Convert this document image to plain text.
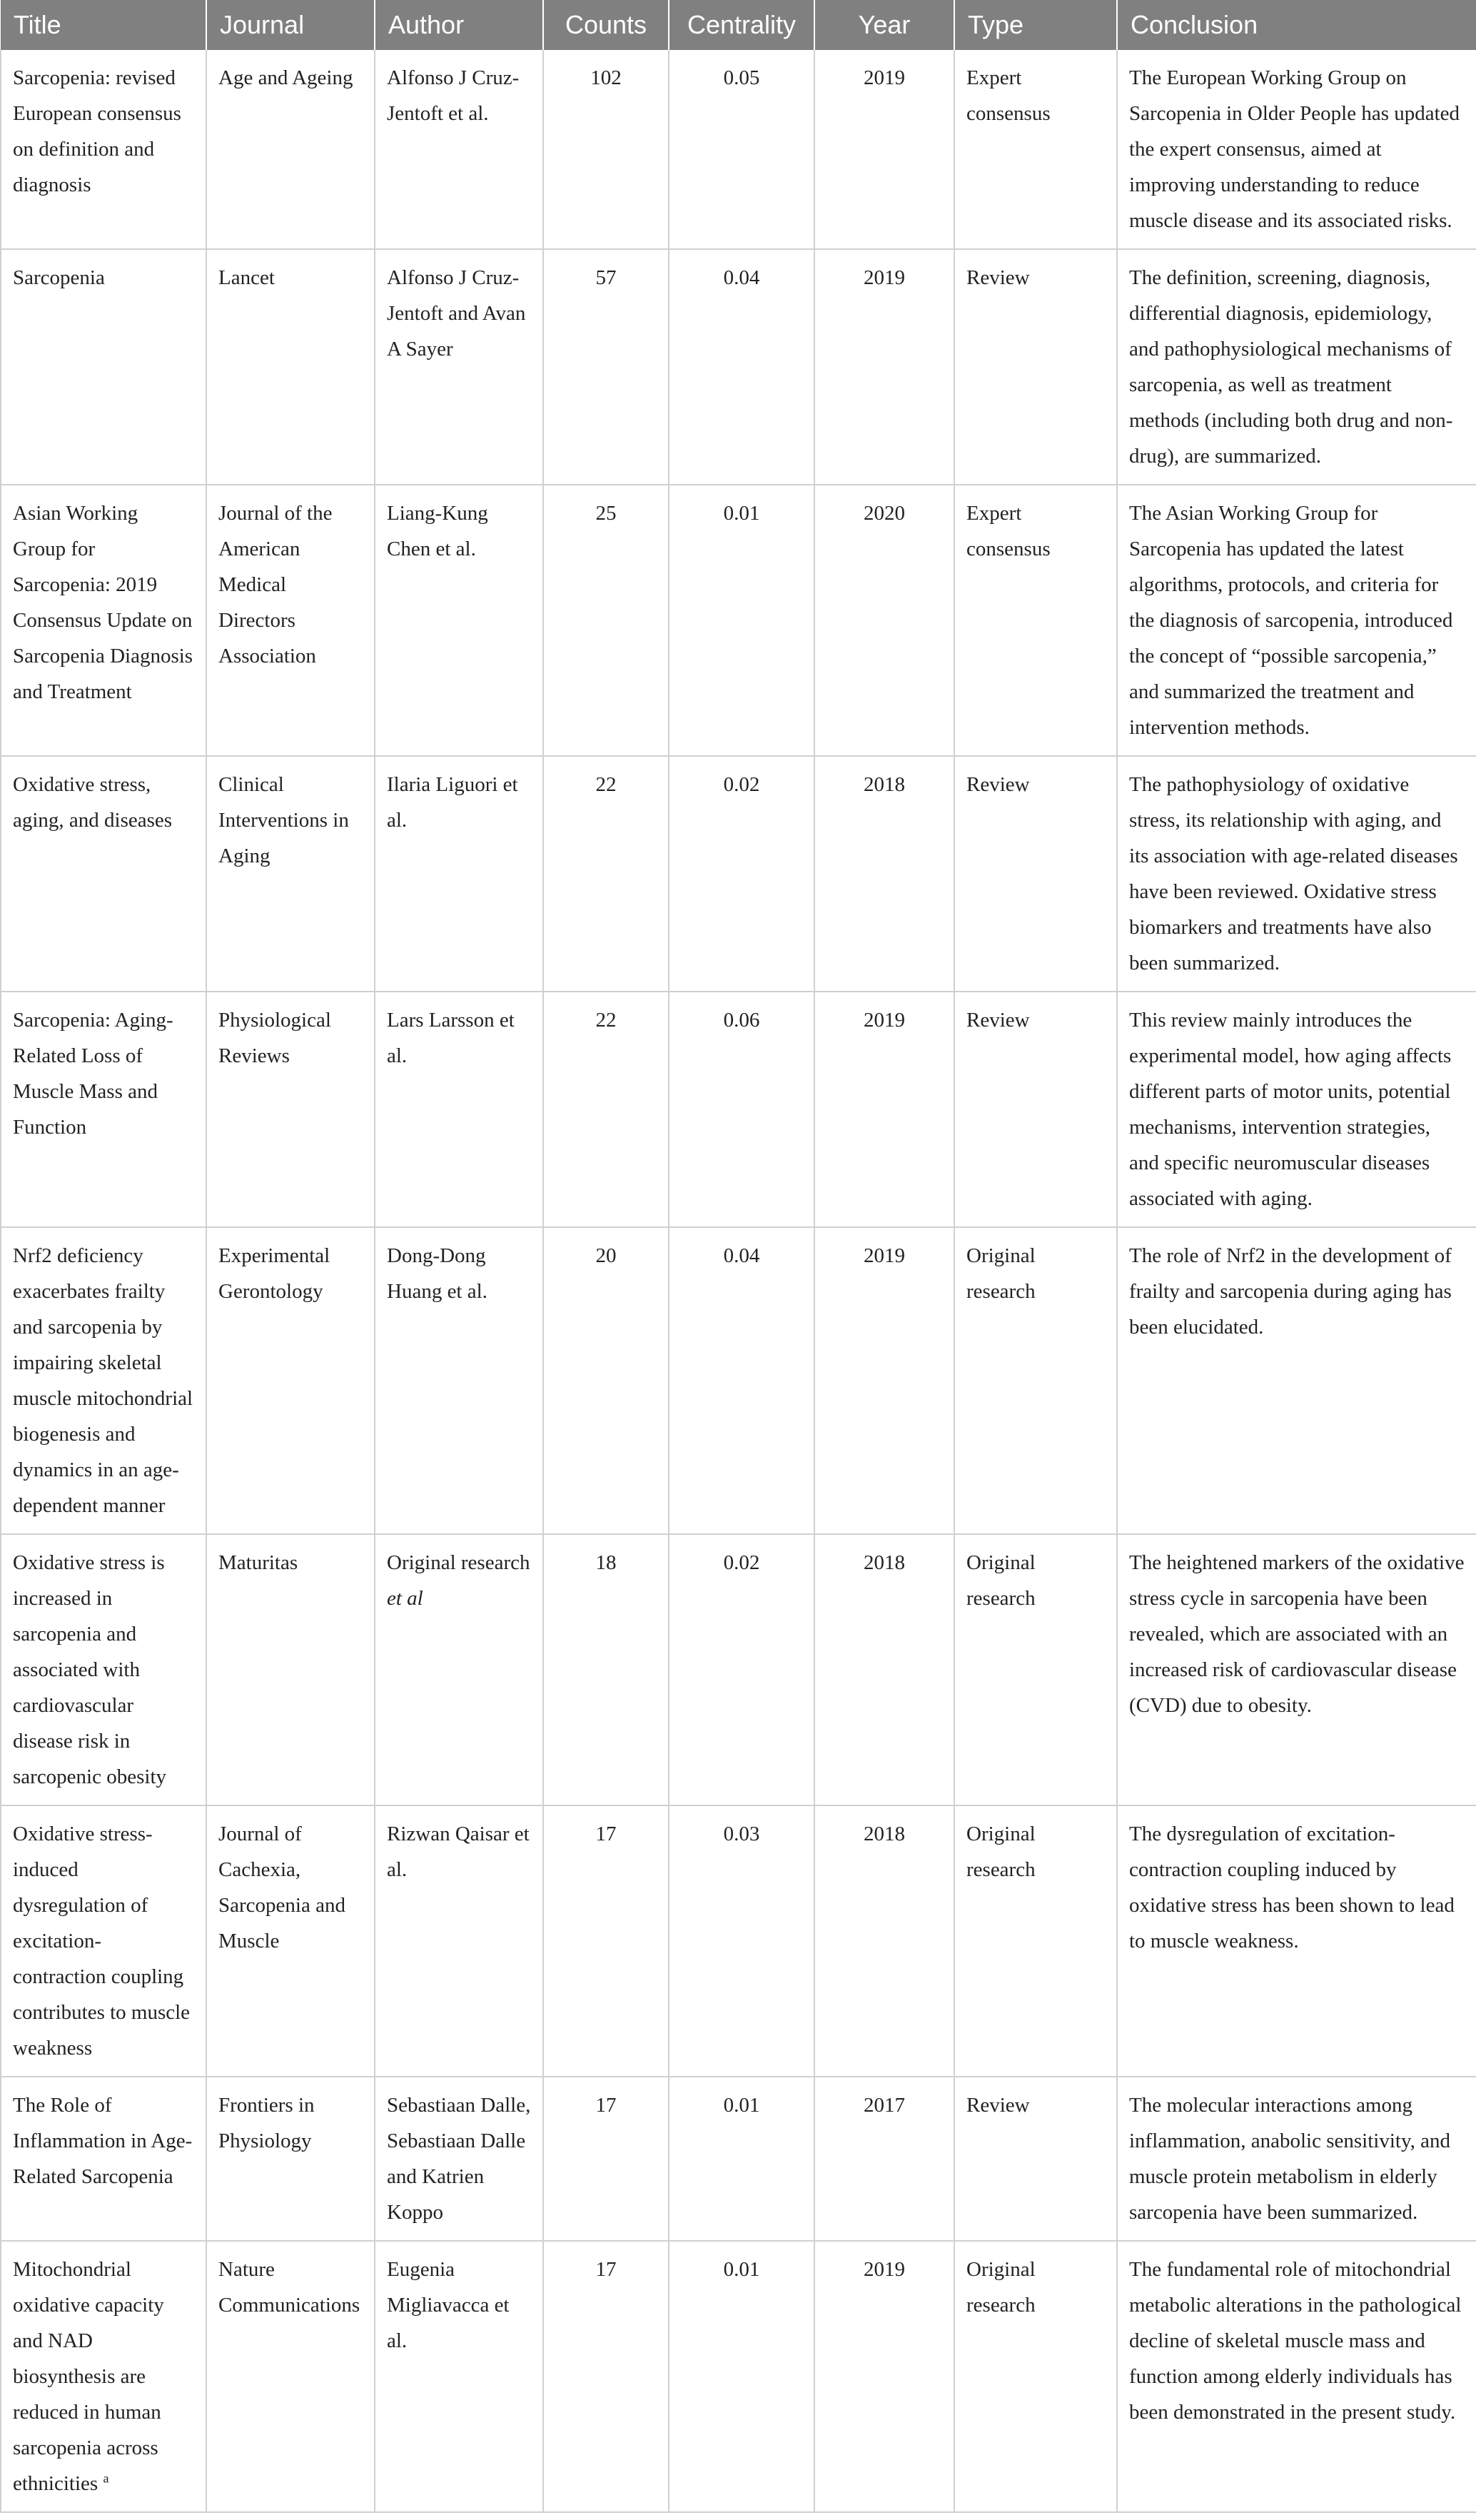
Title	Journal	Author	Counts	Centrality	Year	Type	Conclusion
Sarcopenia: revised European consensus on definition and diagnosis	Age and Ageing	Alfonso J Cruz-Jentoft et al.	102	0.05	2019	Expert consensus	The European Working Group on Sarcopenia in Older People has updated the expert consensus, aimed at improving understanding to reduce muscle disease and its associated risks.
Sarcopenia	Lancet	Alfonso J Cruz-Jentoft and Avan A Sayer	57	0.04	2019	Review	The definition, screening, diagnosis, differential diagnosis, epidemiology, and pathophysiological mechanisms of sarcopenia, as well as treatment methods (including both drug and non-drug), are summarized.
Asian Working Group for Sarcopenia: 2019 Consensus Update on Sarcopenia Diagnosis and Treatment	Journal of the American Medical Directors Association	Liang-Kung Chen et al.	25	0.01	2020	Expert consensus	The Asian Working Group for Sarcopenia has updated the latest algorithms, protocols, and criteria for the diagnosis of sarcopenia, introduced the concept of “possible sarcopenia,” and summarized the treatment and intervention methods.
Oxidative stress, aging, and diseases	Clinical Interventions in Aging	Ilaria Liguori et al.	22	0.02	2018	Review	The pathophysiology of oxidative stress, its relationship with aging, and its association with age-related diseases have been reviewed. Oxidative stress biomarkers and treatments have also been summarized.
Sarcopenia: Aging-Related Loss of Muscle Mass and Function	Physiological Reviews	Lars Larsson et al.	22	0.06	2019	Review	This review mainly introduces the experimental model, how aging affects different parts of motor units, potential mechanisms, intervention strategies, and specific neuromuscular diseases associated with aging.
Nrf2 deficiency exacerbates frailty and sarcopenia by impairing skeletal muscle mitochondrial biogenesis and dynamics in an age-dependent manner	Experimental Gerontology	Dong-Dong Huang et al.	20	0.04	2019	Original research	The role of Nrf2 in the development of frailty and sarcopenia during aging has been elucidated.
Oxidative stress is increased in sarcopenia and associated with cardiovascular disease risk in sarcopenic obesity	Maturitas	Original research et al	18	0.02	2018	Original research	The heightened markers of the oxidative stress cycle in sarcopenia have been revealed, which are associated with an increased risk of cardiovascular disease (CVD) due to obesity.
Oxidative stress-induced dysregulation of excitation-contraction coupling contributes to muscle weakness	Journal of Cachexia, Sarcopenia and Muscle	Rizwan Qaisar et al.	17	0.03	2018	Original research	The dysregulation of excitation-contraction coupling induced by oxidative stress has been shown to lead to muscle weakness.
The Role of Inflammation in Age-Related Sarcopenia	Frontiers in Physiology	Sebastiaan Dalle, Sebastiaan Dalle and Katrien Koppo	17	0.01	2017	Review	The molecular interactions among inflammation, anabolic sensitivity, and muscle protein metabolism in elderly sarcopenia have been summarized.
Mitochondrial oxidative capacity and NAD biosynthesis are reduced in human sarcopenia across ethnicities $^a$	Nature Communications	Eugenia Migliavacca et al.	17	0.01	2019	Original research	The fundamental role of mitochondrial metabolic alterations in the pathological decline of skeletal muscle mass and function among elderly individuals has been demonstrated in the present study.
